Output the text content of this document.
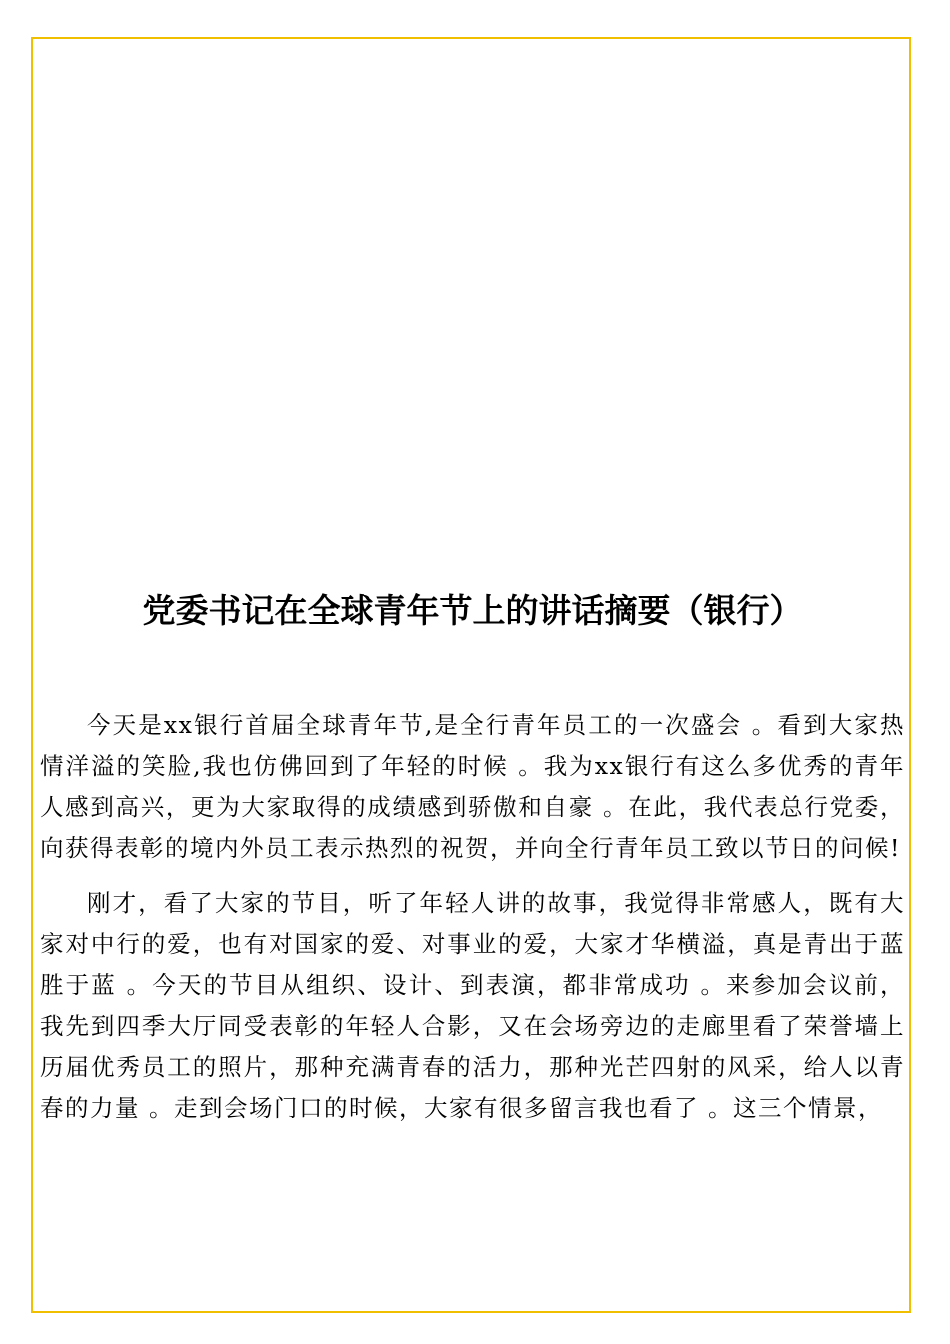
党委书记在全球青年节上的讲话摘要（银行）

今天是xx银行首届全球青年节,是全行青年员工的一次盛会 。看到大家热情洋溢的笑脸,我也仿佛回到了年轻的时候 。我为xx银行有这么多优秀的青年人感到高兴，更为大家取得的成绩感到骄傲和自豪 。在此，我代表总行党委，向获得表彰的境内外员工表示热烈的祝贺，并向全行青年员工致以节日的问候!

刚才，看了大家的节目，听了年轻人讲的故事，我觉得非常感人，既有大家对中行的爱，也有对国家的爱、对事业的爱，大家才华横溢，真是青出于蓝胜于蓝 。今天的节目从组织、设计、到表演，都非常成功 。来参加会议前，我先到四季大厅同受表彰的年轻人合影，又在会场旁边的走廊里看了荣誉墙上历届优秀员工的照片，那种充满青春的活力，那种光芒四射的风采，给人以青春的力量 。走到会场门口的时候，大家有很多留言我也看了 。这三个情景，
